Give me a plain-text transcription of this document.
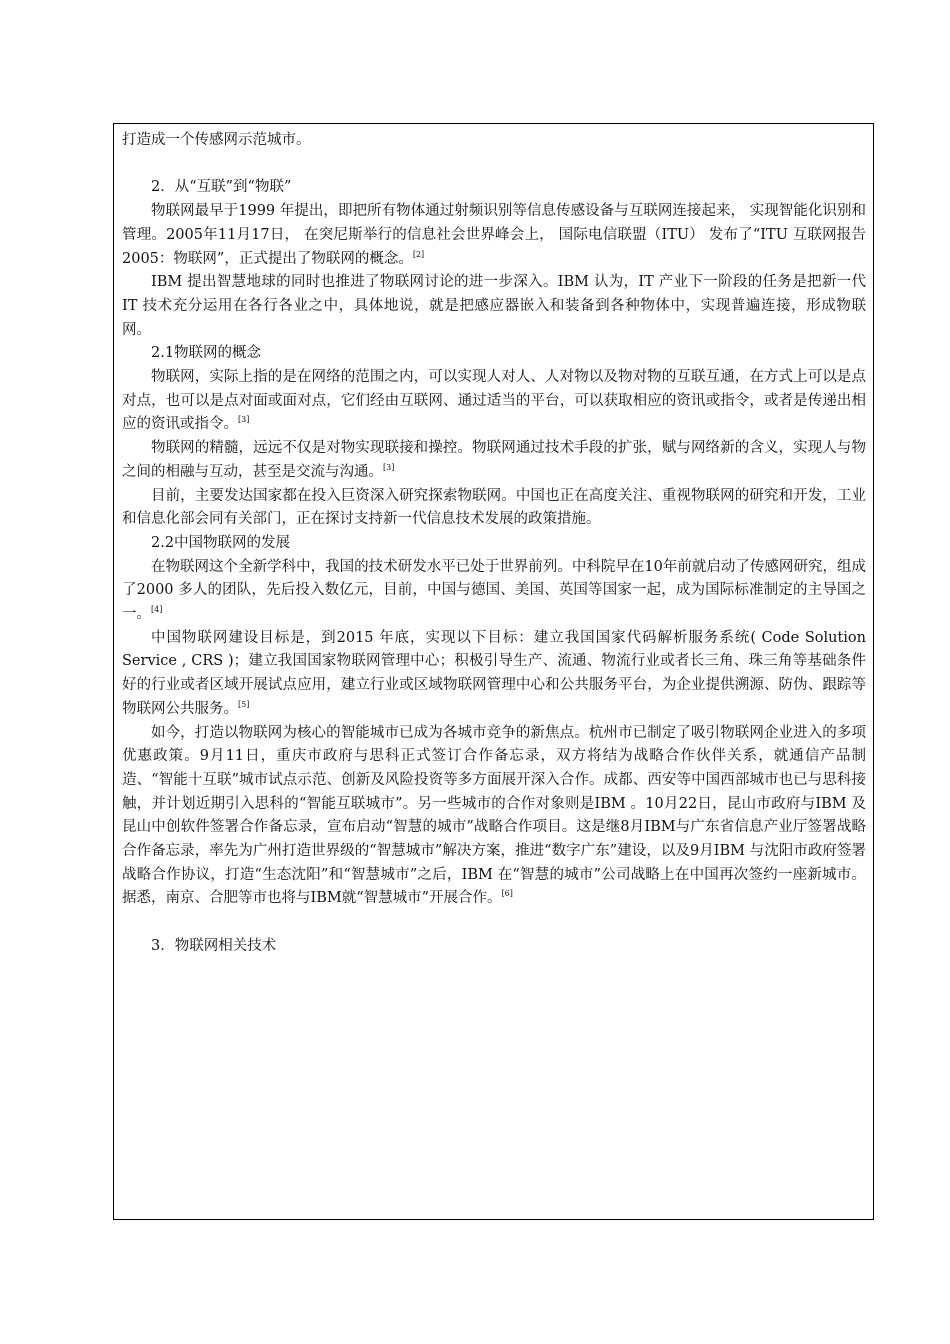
打造成一个传感网示范城市。

2．从“互联”到“物联”

物联网最早于1999 年提出，即把所有物体通过射频识别等信息传感设备与互联网连接起来， 实现智能化识别和管理。2005年11月17日， 在突尼斯举行的信息社会世界峰会上， 国际电信联盟（ITU） 发布了“ITU 互联网报告2005：物联网”，正式提出了物联网的概念。[2]

IBM 提出智慧地球的同时也推进了物联网讨论的进一步深入。IBM 认为，IT 产业下一阶段的任务是把新一代IT 技术充分运用在各行各业之中，具体地说，就是把感应器嵌入和装备到各种物体中，实现普遍连接，形成物联网。

2.1物联网的概念

物联网，实际上指的是在网络的范围之内，可以实现人对人、人对物以及物对物的互联互通，在方式上可以是点对点，也可以是点对面或面对点，它们经由互联网、通过适当的平台，可以获取相应的资讯或指令，或者是传递出相应的资讯或指令。[3]

物联网的精髓，远远不仅是对物实现联接和操控。物联网通过技术手段的扩张，赋与网络新的含义，实现人与物之间的相融与互动，甚至是交流与沟通。[3]

目前，主要发达国家都在投入巨资深入研究探索物联网。中国也正在高度关注、重视物联网的研究和开发，工业和信息化部会同有关部门，正在探讨支持新一代信息技术发展的政策措施。

2.2中国物联网的发展

在物联网这个全新学科中，我国的技术研发水平已处于世界前列。中科院早在10年前就启动了传感网研究，组成了2000 多人的团队，先后投入数亿元，目前，中国与德国、美国、英国等国家一起，成为国际标准制定的主导国之一。[4]

中国物联网建设目标是，到2015 年底，实现以下目标：建立我国国家代码解析服务系统( Code Solution Service , CRS )；建立我国国家物联网管理中心；积极引导生产、流通、物流行业或者长三角、珠三角等基础条件好的行业或者区域开展试点应用，建立行业或区域物联网管理中心和公共服务平台，为企业提供溯源、防伪、跟踪等物联网公共服务。[5]

如今，打造以物联网为核心的智能城市已成为各城市竞争的新焦点。杭州市已制定了吸引物联网企业进入的多项优惠政策。9月11日，重庆市政府与思科正式签订合作备忘录，双方将结为战略合作伙伴关系，就通信产品制造、“智能十互联”城市试点示范、创新及风险投资等多方面展开深入合作。成都、西安等中国西部城市也已与思科接触，并计划近期引入思科的“智能互联城市”。另一些城市的合作对象则是IBM 。10月22日，昆山市政府与IBM 及昆山中创软件签署合作备忘录，宣布启动“智慧的城市”战略合作项目。这是继8月IBM与广东省信息产业厅签署战略合作备忘录，率先为广州打造世界级的“智慧城市”解决方案，推进“数字广东”建设，以及9月IBM 与沈阳市政府签署战略合作协议，打造“生态沈阳”和“智慧城市”之后，IBM 在“智慧的城市”公司战略上在中国再次签约一座新城市。据悉，南京、合肥等市也将与IBM就“智慧城市”开展合作。[6]

3．物联网相关技术
